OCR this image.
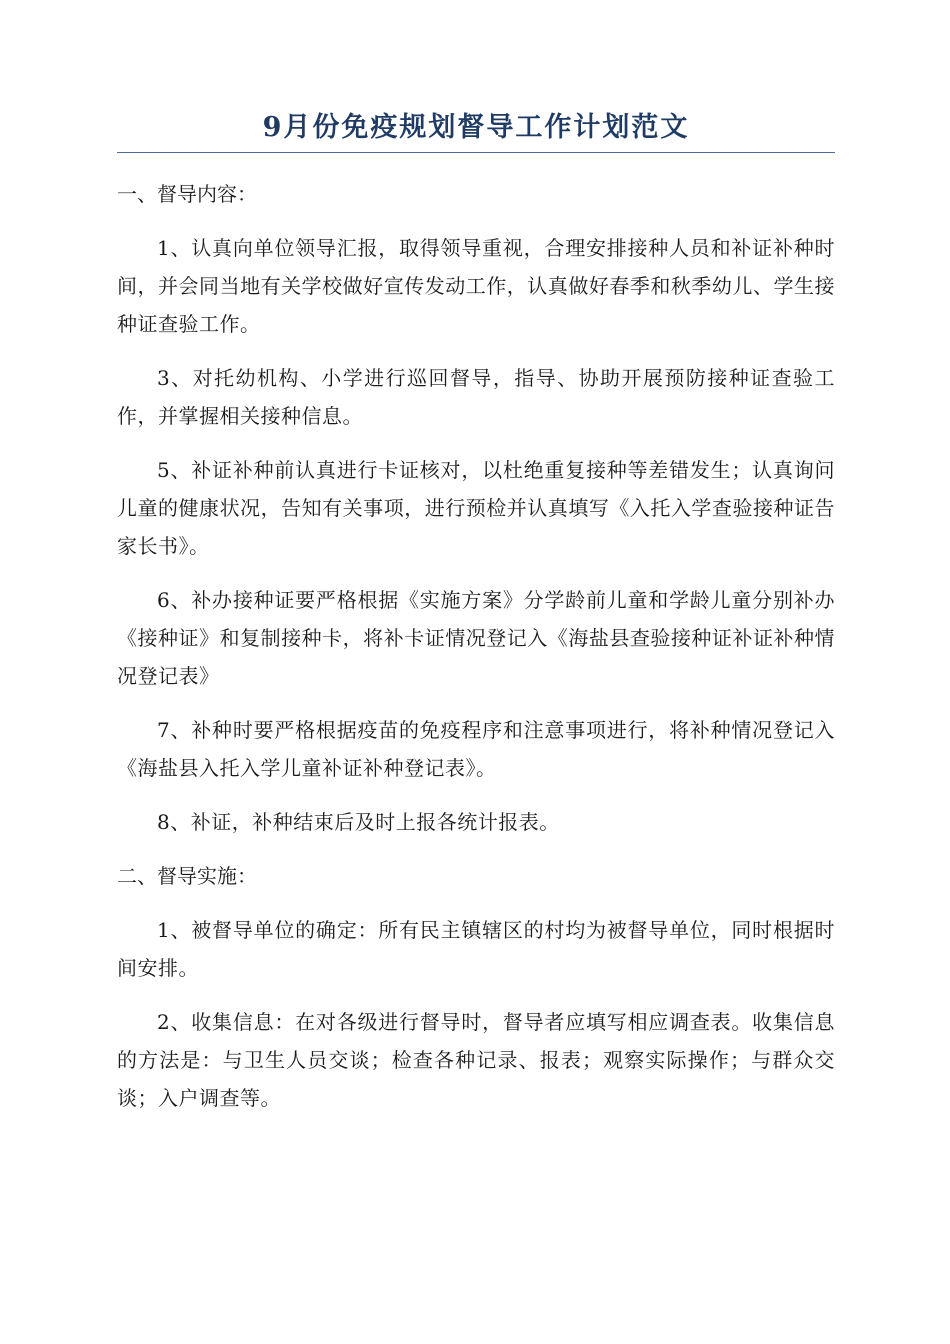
9月份免疫规划督导工作计划范文

一、督导内容：

1、认真向单位领导汇报，取得领导重视，合理安排接种人员和补证补种时间，并会同当地有关学校做好宣传发动工作，认真做好春季和秋季幼儿、学生接种证查验工作。

3、对托幼机构、小学进行巡回督导，指导、协助开展预防接种证查验工作，并掌握相关接种信息。

5、补证补种前认真进行卡证核对，以杜绝重复接种等差错发生；认真询问儿童的健康状况，告知有关事项，进行预检并认真填写《入托入学查验接种证告家长书》。

6、补办接种证要严格根据《实施方案》分学龄前儿童和学龄儿童分别补办《接种证》和复制接种卡，将补卡证情况登记入《海盐县查验接种证补证补种情况登记表》

7、补种时要严格根据疫苗的免疫程序和注意事项进行，将补种情况登记入《海盐县入托入学儿童补证补种登记表》。

8、补证，补种结束后及时上报各统计报表。

二、督导实施：

1、被督导单位的确定：所有民主镇辖区的村均为被督导单位，同时根据时间安排。

2、收集信息：在对各级进行督导时，督导者应填写相应调查表。收集信息的方法是：与卫生人员交谈；检查各种记录、报表；观察实际操作；与群众交谈；入户调查等。
